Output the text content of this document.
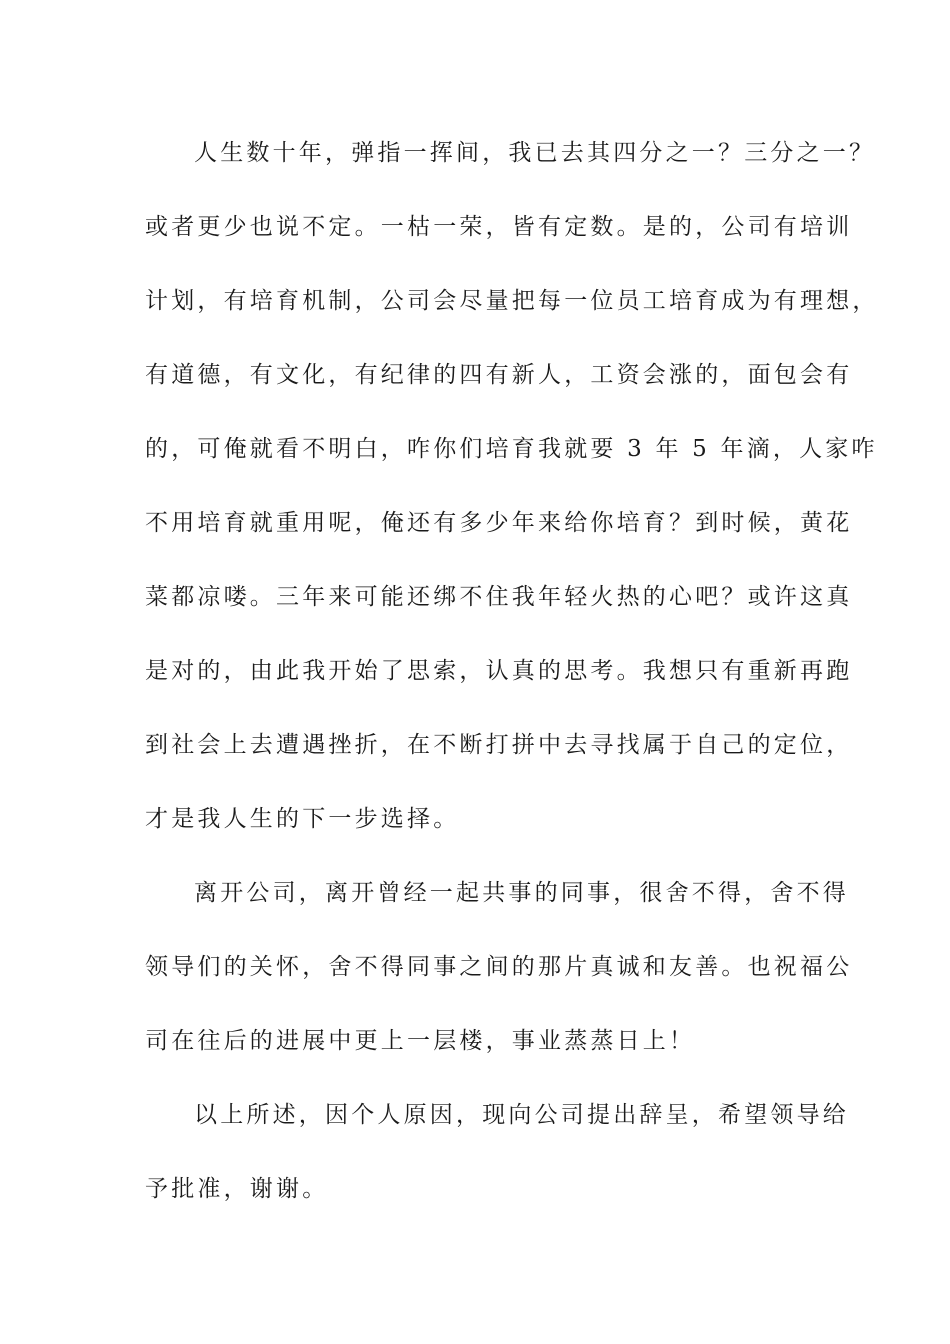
人生数十年，弹指一挥间，我已去其四分之一？三分之一？
或者更少也说不定。一枯一荣，皆有定数。是的，公司有培训
计划，有培育机制，公司会尽量把每一位员工培育成为有理想，
有道德，有文化，有纪律的四有新人，工资会涨的，面包会有
的，可俺就看不明白，咋你们培育我就要 3 年 5 年滴，人家咋
不用培育就重用呢，俺还有多少年来给你培育？到时候，黄花
菜都凉喽。三年来可能还绑不住我年轻火热的心吧？或许这真
是对的，由此我开始了思索，认真的思考。我想只有重新再跑
到社会上去遭遇挫折，在不断打拼中去寻找属于自己的定位，
才是我人生的下一步选择。
离开公司，离开曾经一起共事的同事，很舍不得，舍不得
领导们的关怀，舍不得同事之间的那片真诚和友善。也祝福公
司在往后的进展中更上一层楼，事业蒸蒸日上！
以上所述，因个人原因，现向公司提出辞呈，希望领导给
予批准，谢谢。
